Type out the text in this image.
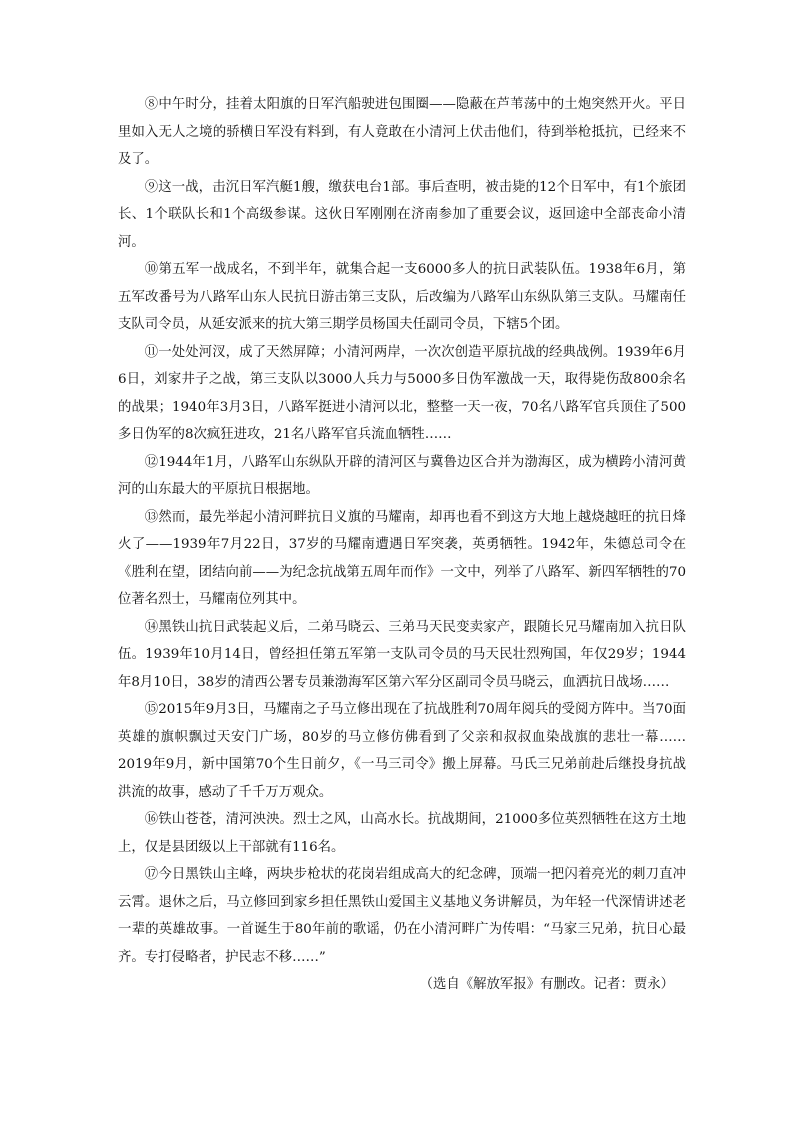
⑧中午时分，挂着太阳旗的日军汽船驶进包围圈——隐蔽在芦苇荡中的土炮突然开火。平日里如入无人之境的骄横日军没有料到，有人竟敢在小清河上伏击他们，待到举枪抵抗，已经来不及了。

⑨这一战，击沉日军汽艇1艘，缴获电台1部。事后查明，被击毙的12个日军中，有1个旅团长、1个联队长和1个高级参谋。这伙日军刚刚在济南参加了重要会议，返回途中全部丧命小清河。

⑩第五军一战成名，不到半年，就集合起一支6000多人的抗日武装队伍。1938年6月，第五军改番号为八路军山东人民抗日游击第三支队，后改编为八路军山东纵队第三支队。马耀南任支队司令员，从延安派来的抗大第三期学员杨国夫任副司令员，下辖5个团。

⑪一处处河汊，成了天然屏障；小清河两岸，一次次创造平原抗战的经典战例。1939年6月6日，刘家井子之战，第三支队以3000人兵力与5000多日伪军激战一天，取得毙伤敌800余名的战果；1940年3月3日，八路军挺进小清河以北，整整一天一夜，70名八路军官兵顶住了500多日伪军的8次疯狂进攻，21名八路军官兵流血牺牲……

⑫1944年1月，八路军山东纵队开辟的清河区与冀鲁边区合并为渤海区，成为横跨小清河黄河的山东最大的平原抗日根据地。

⑬然而，最先举起小清河畔抗日义旗的马耀南，却再也看不到这方大地上越烧越旺的抗日烽火了——1939年7月22日，37岁的马耀南遭遇日军突袭，英勇牺牲。1942年，朱德总司令在《胜利在望，团结向前——为纪念抗战第五周年而作》一文中，列举了八路军、新四军牺牲的70位著名烈士，马耀南位列其中。

⑭黑铁山抗日武装起义后，二弟马晓云、三弟马天民变卖家产，跟随长兄马耀南加入抗日队伍。1939年10月14日，曾经担任第五军第一支队司令员的马天民壮烈殉国，年仅29岁；1944年8月10日，38岁的清西公署专员兼渤海军区第六军分区副司令员马晓云，血洒抗日战场……

⑮2015年9月3日，马耀南之子马立修出现在了抗战胜利70周年阅兵的受阅方阵中。当70面英雄的旗帜飘过天安门广场，80岁的马立修仿佛看到了父亲和叔叔血染战旗的悲壮一幕……2019年9月，新中国第70个生日前夕，《一马三司令》搬上屏幕。马氏三兄弟前赴后继投身抗战洪流的故事，感动了千千万万观众。

⑯铁山苍苍，清河泱泱。烈士之风，山高水长。抗战期间，21000多位英烈牺牲在这方土地上，仅是县团级以上干部就有116名。

⑰今日黑铁山主峰，两块步枪状的花岗岩组成高大的纪念碑，顶端一把闪着亮光的刺刀直冲云霄。退休之后，马立修回到家乡担任黑铁山爱国主义基地义务讲解员，为年轻一代深情讲述老一辈的英雄故事。一首诞生于80年前的歌谣，仍在小清河畔广为传唱：“马家三兄弟，抗日心最齐。专打侵略者，护民志不移……”

（选自《解放军报》有删改。记者：贾永）
